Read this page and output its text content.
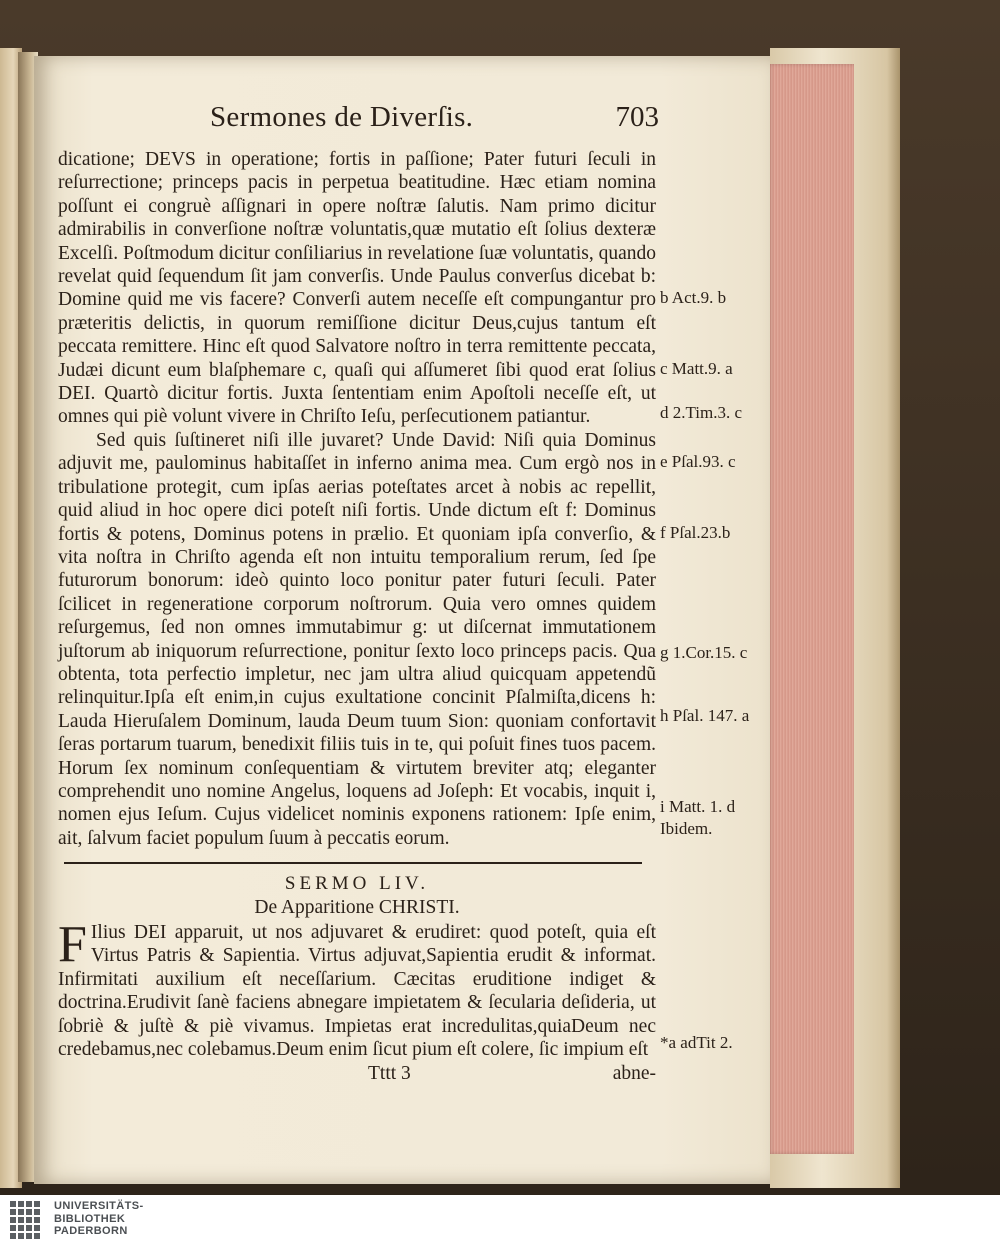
Sermones de Diverſis.	703

dicatione; DEVS in operatione; fortis in paſſione; Pater futuri ſeculi in reſurrectione; princeps pacis in perpetua beatitudine. Hæc etiam nomina poſſunt ei congruè aſſignari in opere noſtræ ſalutis. Nam primo dicitur admirabilis in converſione noſtræ voluntatis,quæ mutatio eſt ſolius dexteræ Excelſi. Poſtmodum dicitur conſiliarius in revelatione ſuæ voluntatis, quando revelat quid ſequendum ſit jam converſis. Unde Paulus converſus dicebat b: Domine quid me vis facere? Converſi autem neceſſe eſt compungantur pro præteritis delictis, in quorum remiſſione dicitur Deus,cujus tantum eſt peccata remittere. Hinc eſt quod Salvatore noſtro in terra remittente peccata, Judæi dicunt eum blaſphemare c, quaſi qui aſſumeret ſibi quod erat ſolius DEI. Quartò dicitur fortis. Juxta ſententiam enim Apoſtoli neceſſe eſt, ut omnes qui piè volunt vivere in Chriſto Ieſu, perſecutionem patiantur.

Sed quis ſuſtineret niſi ille juvaret? Unde David: Niſi quia Dominus adjuvit me, paulominus habitaſſet in inferno anima mea. Cum ergò nos in tribulatione protegit, cum ipſas aerias poteſtates arcet à nobis ac repellit, quid aliud in hoc opere dici poteſt niſi fortis. Unde dictum eſt f: Dominus fortis & potens, Dominus potens in prælio. Et quoniam ipſa converſio, & vita noſtra in Chriſto agenda eſt non intuitu temporalium rerum, ſed ſpe futurorum bonorum: ideò quinto loco ponitur pater futuri ſeculi. Pater ſcilicet in regeneratione corporum noſtrorum. Quia vero omnes quidem reſurgemus, ſed non omnes immutabimur g: ut diſcernat immutationem juſtorum ab iniquorum reſurrectione, ponitur ſexto loco princeps pacis. Qua obtenta, tota perfectio impletur, nec jam ultra aliud quicquam appetendũ relinquitur.Ipſa eſt enim,in cujus exultatione concinit Pſalmiſta,dicens h: Lauda Hieruſalem Dominum, lauda Deum tuum Sion: quoniam confortavit ſeras portarum tuarum, benedixit filiis tuis in te, qui poſuit fines tuos pacem. Horum ſex nominum conſequentiam & virtutem breviter atq; eleganter comprehendit uno nomine Angelus, loquens ad Joſeph: Et vocabis, inquit i, nomen ejus Ieſum. Cujus videlicet nominis exponens rationem: Ipſe enim, ait, ſalvum faciet populum ſuum à peccatis eorum.

SERMO LIV.
De Apparitione CHRISTI.

F Ilius DEI apparuit, ut nos adjuvaret & erudiret: quod poteſt, quia eſt Virtus Patris & Sapientia. Virtus adjuvat,Sapientia erudit & informat. Infirmitati auxilium eſt neceſſarium. Cæcitas eruditione indiget & doctrina.Erudivit ſanè faciens abnegare impietatem & ſecularia deſideria, ut ſobriè & juſtè & piè vivamus. Impietas erat incredulitas,quiaDeum nec credebamus,nec colebamus.Deum enim ſicut pium eſt colere, ſic impium eſt

Tttt 3	abne-
b Act.9. b
c Matt.9. a
d 2.Tim.3. c
e Pſal.93. c
f Pſal.23.b
g 1.Cor.15. c
h Pſal. 147. a
i Matt. 1. d
Ibidem.
*a adTit 2.
UNIVERSITÄTS-
BIBLIOTHEK
PADERBORN
